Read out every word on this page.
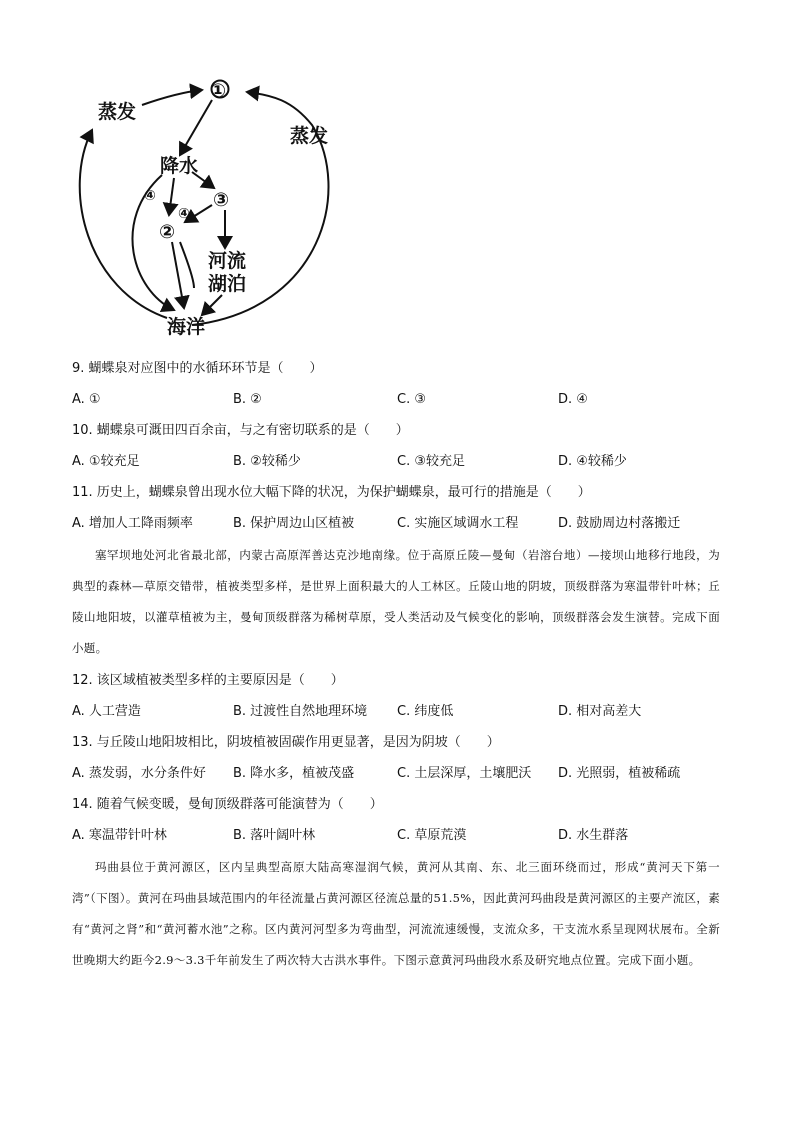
①
蒸发
蒸发
降水
④	③
④
②
河流
湖泊
海洋
9. 蝴蝶泉对应图中的水循环环节是（　　）
A. ①	B. ②	C. ③	D. ④
10. 蝴蝶泉可溉田四百余亩，与之有密切联系的是（　　）
A. ①较充足	B. ②较稀少	C. ③较充足	D. ④较稀少
11. 历史上，蝴蝶泉曾出现水位大幅下降的状况，为保护蝴蝶泉，最可行的措施是（　　）
A. 增加人工降雨频率	B. 保护周边山区植被	C. 实施区域调水工程	D. 鼓励周边村落搬迁
塞罕坝地处河北省最北部，内蒙古高原浑善达克沙地南缘。位于高原丘陵—曼甸（岩溶台地）—接坝山地移行地段，为典型的森林—草原交错带，植被类型多样，是世界上面积最大的人工林区。丘陵山地的阴坡，顶级群落为寒温带针叶林；丘陵山地阳坡，以灌草植被为主，曼甸顶级群落为稀树草原，受人类活动及气候变化的影响，顶级群落会发生演替。完成下面小题。
12. 该区域植被类型多样的主要原因是（　　）
A. 人工营造	B. 过渡性自然地理环境 C. 纬度低	D. 相对高差大
13. 与丘陵山地阳坡相比，阴坡植被固碳作用更显著，是因为阴坡（　　）
A. 蒸发弱，水分条件好 B. 降水多，植被茂盛	C. 土层深厚，土壤肥沃 D. 光照弱，植被稀疏
14. 随着气候变暖，曼甸顶级群落可能演替为（　　）
A. 寒温带针叶林	B. 落叶阔叶林	C. 草原荒漠	D. 水生群落
玛曲县位于黄河源区，区内呈典型高原大陆高寒湿润气候，黄河从其南、东、北三面环绕而过，形成“黄河天下第一湾”（下图）。黄河在玛曲县域范围内的年径流量占黄河源区径流总量的51.5%，因此黄河玛曲段是黄河源区的主要产流区，素有“黄河之肾”和“黄河蓄水池”之称。区内黄河河型多为弯曲型，河流流速缓慢，支流众多，干支流水系呈现网状展布。全新世晚期大约距今2.9～3.3千年前发生了两次特大古洪水事件。下图示意黄河玛曲段水系及研究地点位置。完成下面小题。
